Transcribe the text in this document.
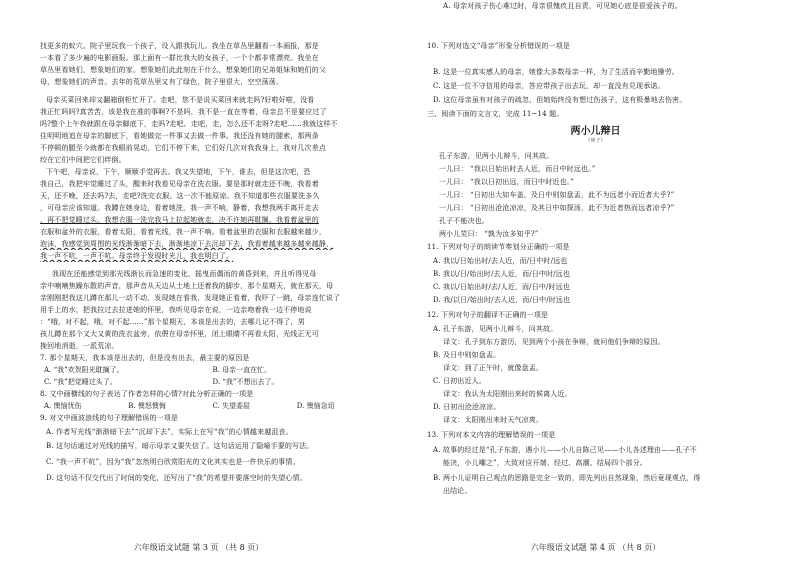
找更多的蚁穴。院子里玩我一个孩子，设入跟我玩儿。我坐在草丛里翻看一本画报，那是
一本看了多少遍的电影画报。那上面有一群比我大的女孩子，一个个都非常漂亮。我坐在
草丛里看她们，想象她们的家。想象她们此此刻在干什么，想象她们的兄弟姐妹和她们的父
母，想象她们的声音。去年的荒草丛里又有了绿色，院子里很大，空空荡荡。
母亲买菜回来却又翻箱倒柜忙开了。走吧，您不是说买菜回来就走吗?好啦好啦，没看
我正忙吗吗?真苦苦，该是我在准的事啊?不是吗，我不是一直在等着，母亲总不是要应过了
吗?整个上午我就跟在母亲脚底下，走吗?走吧。走吧，走，怎么还不走呀?走吧……我就这样不
住明明地追在母亲的脚底下，看她做完一件事又去做一件事。我还没有她的腿索，那两条
不停顿的腿至今就都在我眼前晃动，它们不停下来，它们好几次对我我身上，我对几次差点
绞在它们中间把它们绊倒。
下午吧，母亲说，下午，顺顺手觉再去。我又失望地，下午，谁去，但是这次吧，恐
我自己，我把牢觉睡过了头，醒来时我看见母亲在洗衣服。要是那时就走还不晚，我看着
天，还不晚，还去吗?去，走吧?洗完衣服。这一次不能原谅。我不知道那些衣服要洗多久
，可母亲应该知道。我蹲在她身边，看着她洗，我一声不响，静着，我想我两手离开走去
，再不把觉睡过头。我想衣服一洗完我马上拉起她就走，决不许她再耽搁。我看着盆里的
衣服和盆外的衣服，看着太阳，看着光线，我一声不响。看着盆里的衣服和衣服越来越少，
泡沫，我感觉到周围的光线渐渐暗下去，渐渐地凉下去沉却下去，我看着越来越多越来越静，
我一声不吭，一声不吭。母亲终于发现时光儿，我也明白了。
我现在还能感觉到那光线渐长而急速的变化，摇曳而偶而的黄昏到来，并且听得见母
亲中喃喃焦躁东散的声音，那声音从天边从土地上还着我的脚步，那个星期天，就在那天，母
亲刚刚把我这儿蹲在那儿一动不动，发现她在看我，发现她正看着，我吓了一跳，母亲连忙说了
用手上的水，把我拉过去拉进她的怀里，我听见母亲在说，一边亲吻着我一边不停地说
：“哦，对不起，哦，对不起……”那个星期天，本该是出去的，去哪儿记不得了，男
孩儿蹲在那个又大又黄的洗衣盆旁，依偎在母亲怀里，闭上眼睛不再看太阳，光线正无可
挽回地消逝，一派荒凉。
7. 那个星期天，我本该是出去的，但是没有出去，最主要的原因是
A. “我”欢贺阳光耽搁了。	B. 母亲一直在忙。
C. “我”把觉睡过头了。	D. “我”不想出去了。
8. 文中画横线的句子表达了作者怎样的心情?对此分析正确的一项是
A. 懊恼忧伤	B. 懊怒懊悔	C. 失望委屈	D. 懊恼急切
9. 对文中画波浪线的句子理解错误的一项是
A. 作者写光线“渐渐暗下去”“沉却下去”，实际上在写“我”的心情越来越沮丧。
B. 这句话通过对光线的描写，暗示母亲又要失信了。这句话运用了隐喻手要的写法。
C. “我一声不吭”，因为“我”忽然明白欣赏阳光的文化其实也是一件快乐的事情。
D. 这句话不仅交代出了时间的变化，还写出了“我”的希望并要落空时的失望心情。
六年级语文试题 第 3 页 （共 8 页）
10. 下列对选文“母亲”形象分析错误的一项是
A. 母亲对孩子伤心难过时，母亲很愧疚且自责，可见她心底是很爱孩子的。
B. 这是一位真实感人的母亲，她像大多数母亲一样，为了生活而辛勤地操劳。
C. 这是一位不守信用的母亲，答应带孩子出去玩，却一直没有兑现承诺。
D. 这位母亲虽有对孩子的疏忽，但她始终没有想过伤孩子，这有极暴地去伤害。
三、阅读下面的文言文，完成 11~14 题。
两小儿辩日
《列子》
孔子东游，见两小儿辩斗，问其故。
一儿曰： “我以日始出时去人近，而日中时远也。”
一儿曰： “我以日初出远，而日中时近也。”
一儿曰： “日初出大如车盖，及日中则如盘盂，此不为远者小而近者大乎?”
一儿曰： “日初出沧沧凉凉，及其日中如探汤，此不为近者热而远者凉乎?”
孔子不能决也。
两小儿笑曰： “孰为汝多知乎?”
11. 下列对句子的朗读节奏划分正确的一项是
A. 我以/日始出时/去人近，而/日中时/远也
B. 我以/日/始出时/去人近，而/日中时/远也
C. 我以/日始出时/去/人近，而/日中/时远也
D. 我/以日/始出时/去人近，而/日中/时远也
12. 下列对句子的翻译不正确的一项是
A. 孔子东游，见两小儿辩斗，问其故。
译文：孔子到东方游历，见到两个小孩在争辩，就问他们争辩的原因。
B. 及日中则如盘盂。
译文：到了正午时，就像盘盂。
C. 日初出近人。
译文：我认为太阳刚出来时的候离人近。
D. 日初出沧沧凉凉。
译文：太阳刚出来时天气凉爽。
13. 下列对本文内容的理解错误的一项是
A. 故事的经过是“孔子东游，遇小儿——小儿自陈己见——小儿各述理由——孔子不
能决，小儿嘲之”，大致对应开端、经过、高潮、结局四个部分。
B. 两小儿证明自己观点的思路是完全一致的，即先列出自然现象，然后竟现观点，得
出结论。
六年级语文试题 第 4 页 （共 8 页）
